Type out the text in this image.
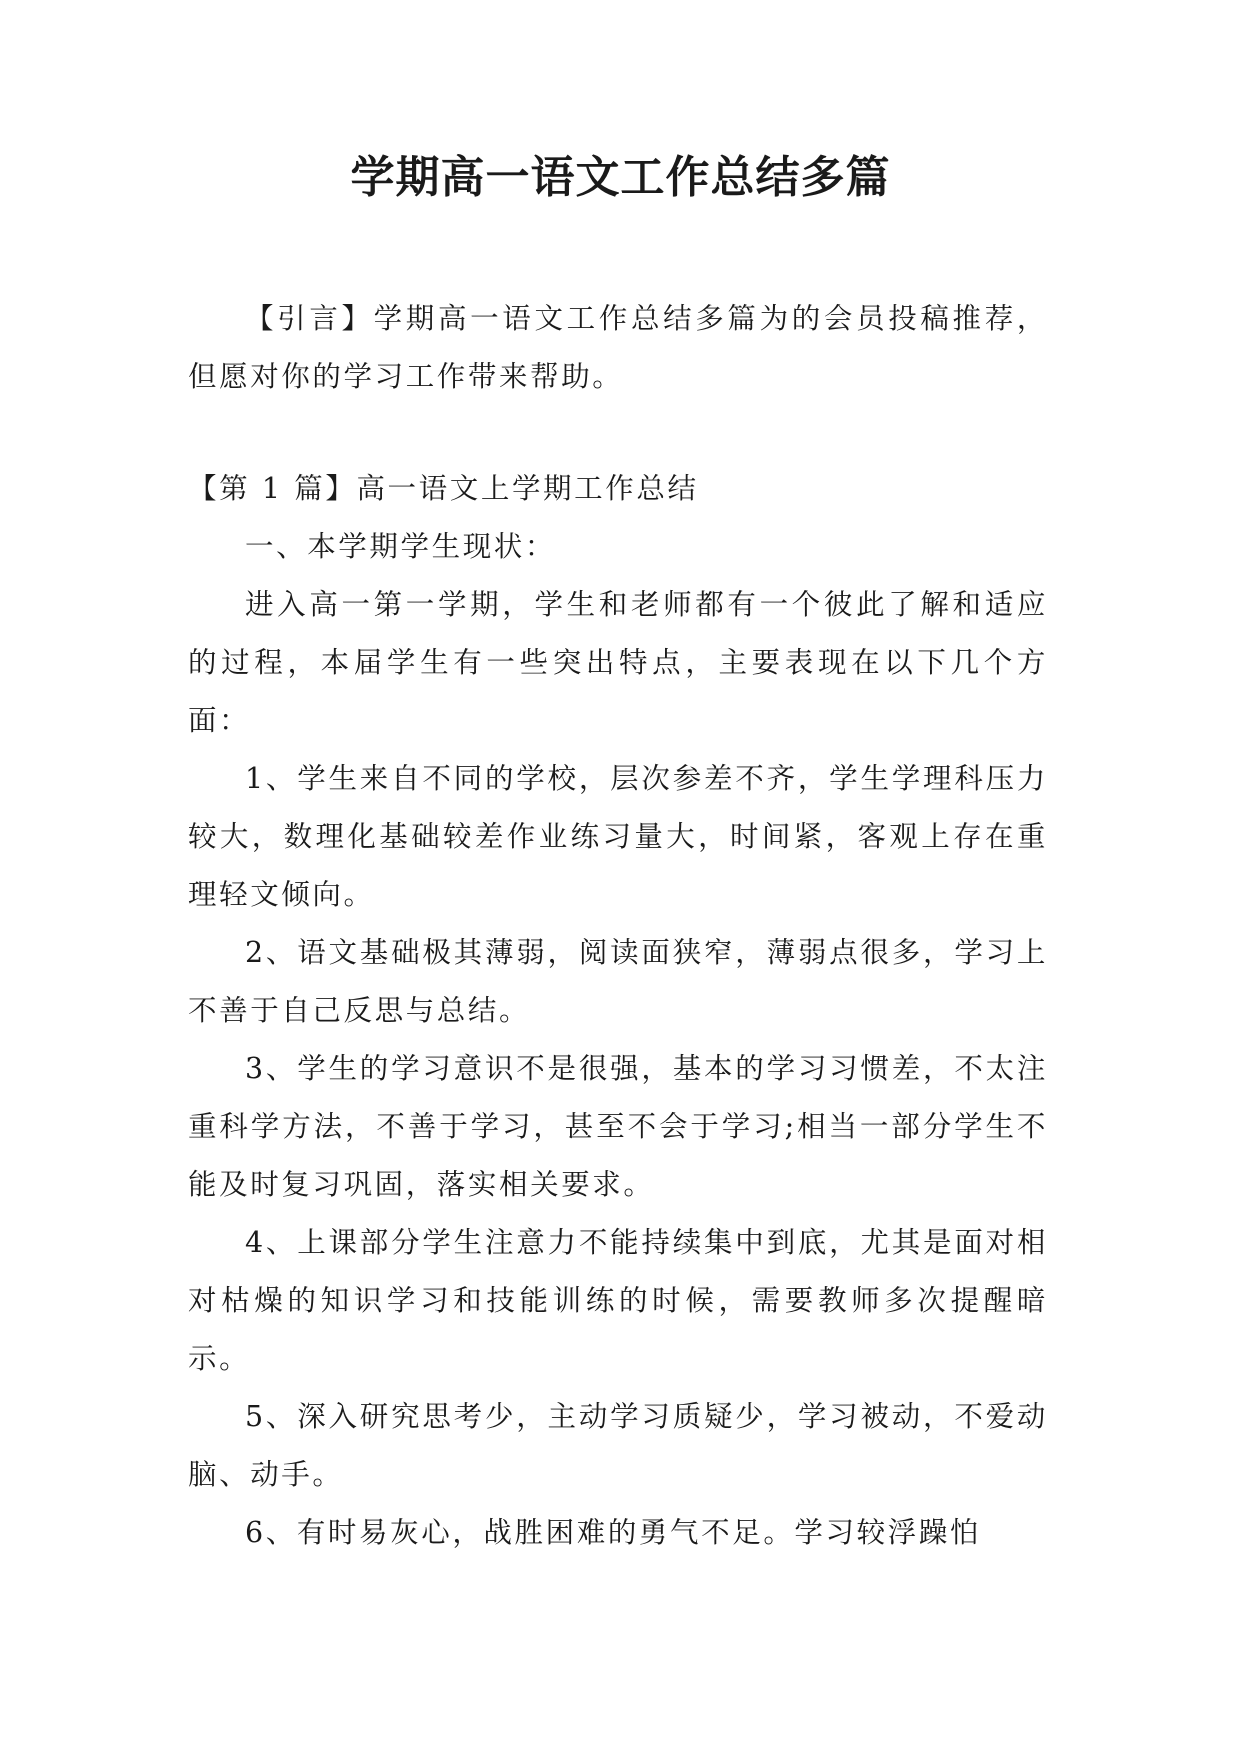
学期高一语文工作总结多篇

【引言】学期高一语文工作总结多篇为的会员投稿推荐，但愿对你的学习工作带来帮助。

【第 1 篇】高一语文上学期工作总结

一、本学期学生现状：

进入高一第一学期，学生和老师都有一个彼此了解和适应的过程，本届学生有一些突出特点，主要表现在以下几个方面：

1、学生来自不同的学校，层次参差不齐，学生学理科压力较大，数理化基础较差作业练习量大，时间紧，客观上存在重理轻文倾向。

2、语文基础极其薄弱，阅读面狭窄，薄弱点很多，学习上不善于自己反思与总结。

3、学生的学习意识不是很强，基本的学习习惯差，不太注重科学方法，不善于学习，甚至不会于学习;相当一部分学生不能及时复习巩固，落实相关要求。

4、上课部分学生注意力不能持续集中到底，尤其是面对相对枯燥的知识学习和技能训练的时候，需要教师多次提醒暗示。

5、深入研究思考少，主动学习质疑少，学习被动，不爱动脑、动手。

6、有时易灰心，战胜困难的勇气不足。学习较浮躁怕
